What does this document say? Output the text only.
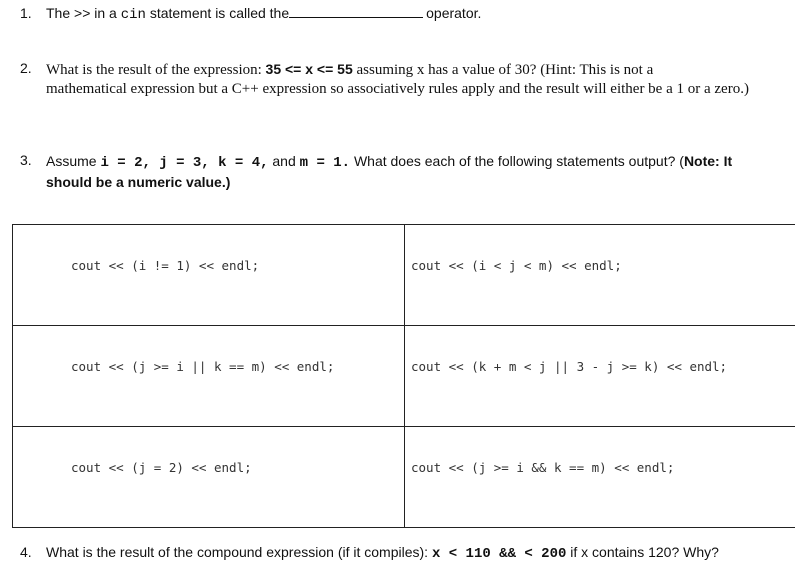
1. The >> in a cin statement is called the	operator.
2. What is the result of the expression: 35 <= x <= 55 assuming x has a value of 30? (Hint: This is not a
mathematical expression but a C++ expression so associatively rules apply and the result will either be a 1 or a zero.)
3. Assume i = 2, j = 3, k = 4, and m = 1. What does each of the following statements output? (Note: It
should be a numeric value.)
cout << (i != 1) << endl;	cout << (i < j < m) << endl;

cout << (j >= i || k == m) << endl;	cout << (k + m < j || 3 - j >= k) << endl;

cout << (j = 2) << endl;	cout << (j >= i && k == m) << endl;
4. What is the result of the compound expression (if it compiles): x < 110 && < 200 if x contains 120? Why?
